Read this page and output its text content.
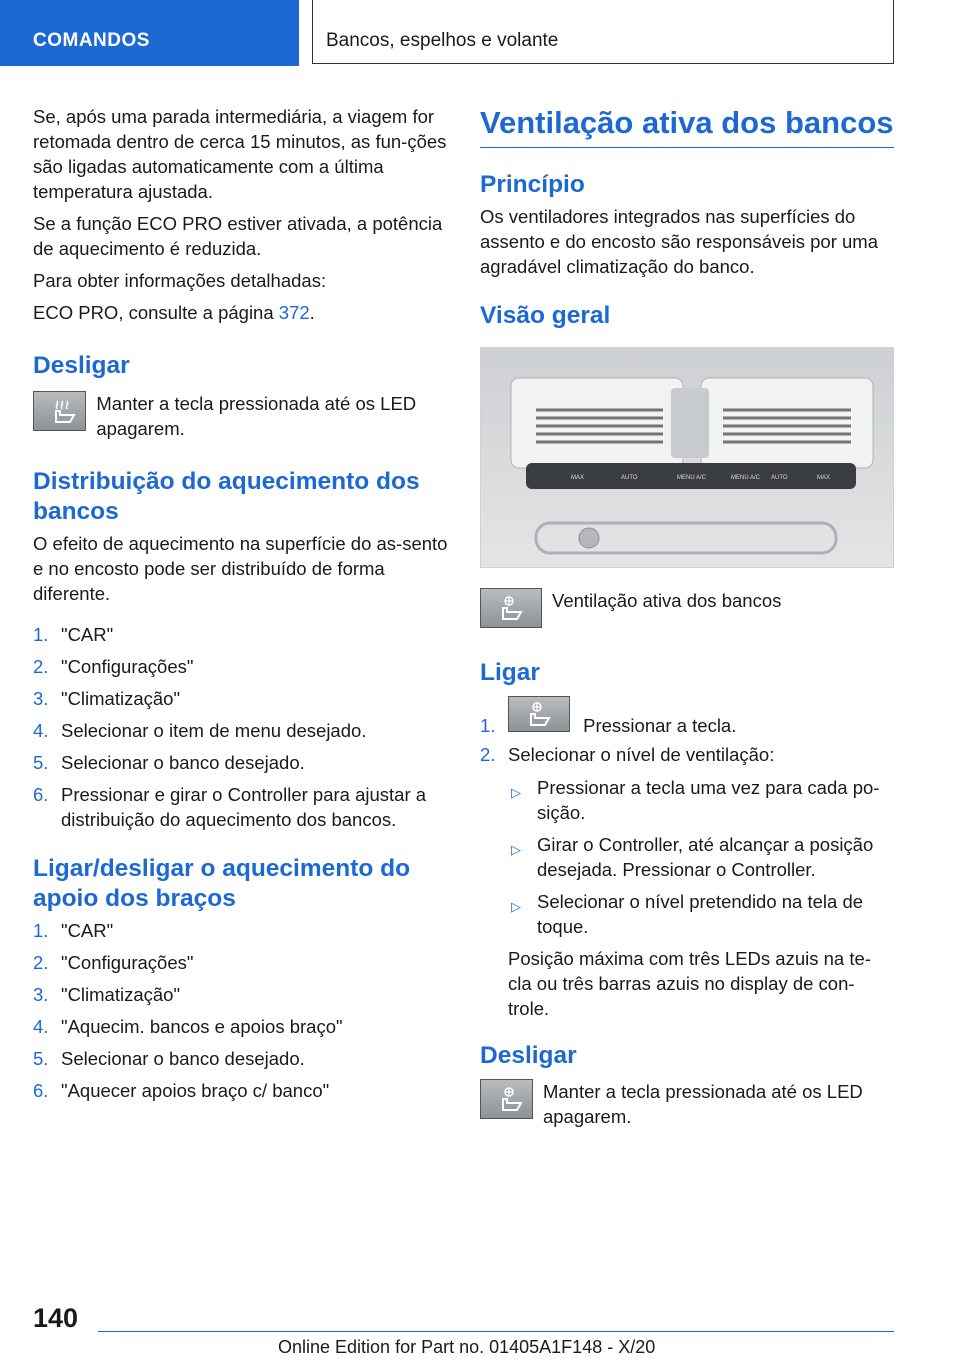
COMANDOS	Bancos, espelhos e volante

Se, após uma parada intermediária, a viagem for retomada dentro de cerca 15 minutos, as fun-ções são ligadas automaticamente com a última temperatura ajustada.

Se a função ECO PRO estiver ativada, a potência de aquecimento é reduzida.

Para obter informações detalhadas:

ECO PRO, consulte a página 372.

Desligar
Manter a tecla pressionada até os LED apagarem.
Distribuição do aquecimento dos bancos

O efeito de aquecimento na superfície do as-sento e no encosto pode ser distribuído de forma diferente.

1. "CAR"
2. "Configurações"
3. "Climatização"
4. Selecionar o item de menu desejado.
5. Selecionar o banco desejado.
6. Pressionar e girar o Controller para ajustar a distribuição do aquecimento dos bancos.
Ligar/desligar o aquecimento do apoio dos braços
1. "CAR"
2. "Configurações"
3. "Climatização"
4. "Aquecim. bancos e apoios braço"
5. Selecionar o banco desejado.
6. "Aquecer apoios braço c/ banco"
Ventilação ativa dos bancos
Princípio

Os ventiladores integrados nas superfícies do assento e do encosto são responsáveis por uma agradável climatização do banco.

Visão geral
MAX	AUTO	MENU A/C	MENU A/C AUTO	MAX
Ventilação ativa dos bancos
Ligar
1.	Pressionar a tecla.
2. Selecionar o nível de ventilação:
▷ Pressionar a tecla uma vez para cada po-sição.
▷ Girar o Controller, até alcançar a posição desejada. Pressionar o Controller.
▷ Selecionar o nível pretendido na tela de toque.

Posição máxima com três LEDs azuis na te-cla ou três barras azuis no display de con-trole.

Desligar
Manter a tecla pressionada até os LED apagarem.
140
Online Edition for Part no. 01405A1F148 - X/20
